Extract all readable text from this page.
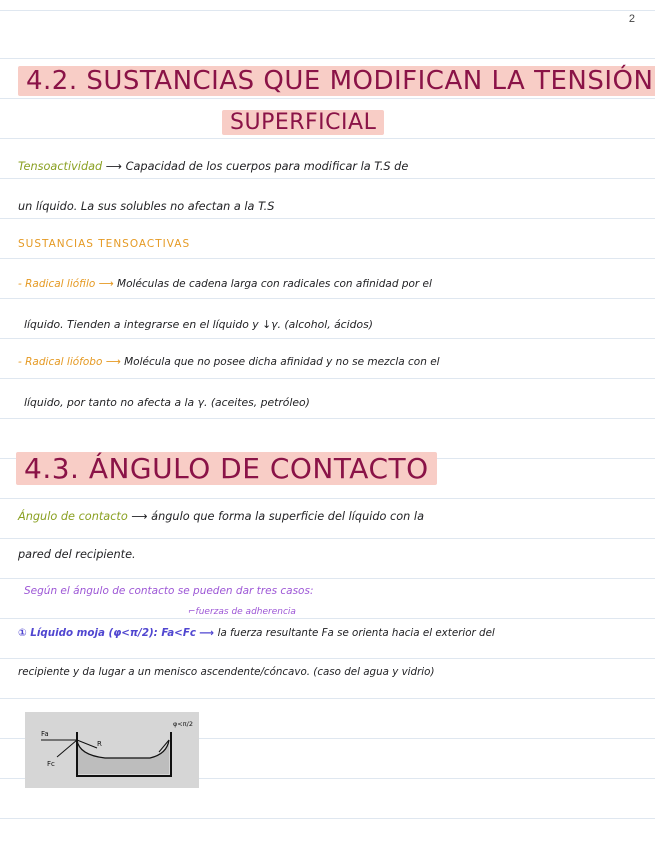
2
4.2. SUSTANCIAS QUE MODIFICAN LA TENSIÓN
SUPERFICIAL
Tensoactividad ⟶ Capacidad de los cuerpos para modificar la T.S de
un líquido. La sus solubles no afectan a la T.S
SUSTANCIAS TENSOACTIVAS
- Radical liófilo ⟶ Moléculas de cadena larga con radicales con afinidad por el
líquido. Tienden a integrarse en el líquido y ↓γ. (alcohol, ácidos)
- Radical liófobo ⟶ Molécula que no posee dicha afinidad y no se mezcla con el
líquido, por tanto no afecta a la γ. (aceites, petróleo)
4.3. ÁNGULO DE CONTACTO
Ángulo de contacto ⟶ ángulo que forma la superficie del líquido con la
pared del recipiente.
Según el ángulo de contacto se pueden dar tres casos:
⌐fuerzas de adherencia
① Líquido moja (φ<π/2): Fa<Fc ⟶ la fuerza resultante Fa se orienta hacia el exterior del
recipiente y da lugar a un menisco ascendente/cóncavo. (caso del agua y vidrio)
Fa
Fc
R
φ<π/2
